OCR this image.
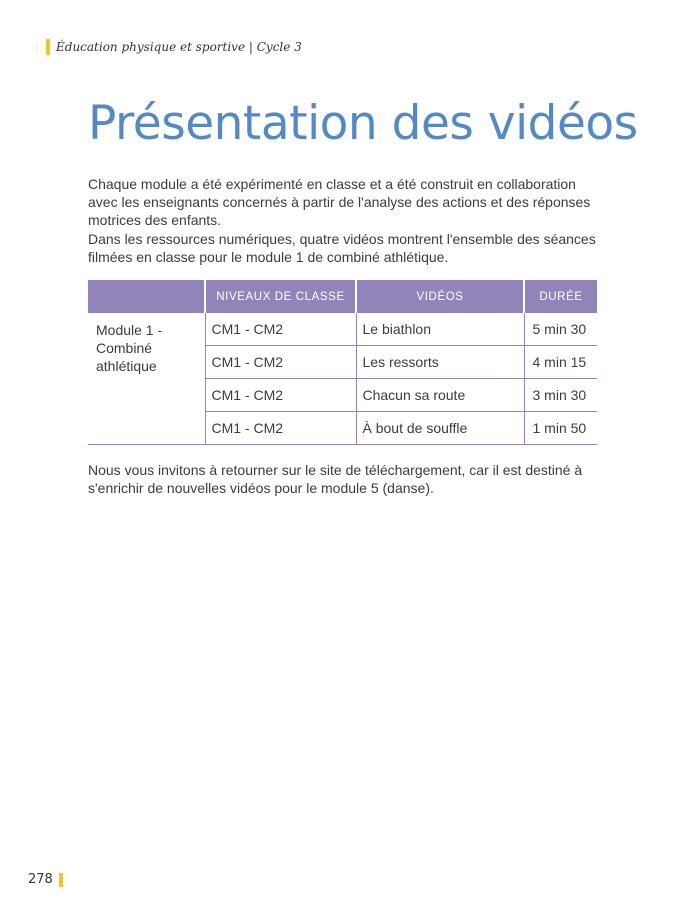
Éducation physique et sportive | Cycle 3
Présentation des vidéos

Chaque module a été expérimenté en classe et a été construit en collaboration avec les enseignants concernés à partir de l'analyse des actions et des réponses motrices des enfants.

Dans les ressources numériques, quatre vidéos montrent l'ensemble des séances filmées en classe pour le module 1 de combiné athlétique.

	NIVEAUX DE CLASSE	VIDÉOS	DURÉE
Module 1 - Combiné athlétique	CM1 - CM2	Le biathlon	5 min 30
	CM1 - CM2	Les ressorts	4 min 15
	CM1 - CM2	Chacun sa route	3 min 30
	CM1 - CM2	À bout de souffle	1 min 50

Nous vous invitons à retourner sur le site de téléchargement, car il est destiné à s'enrichir de nouvelles vidéos pour le module 5 (danse).

278
